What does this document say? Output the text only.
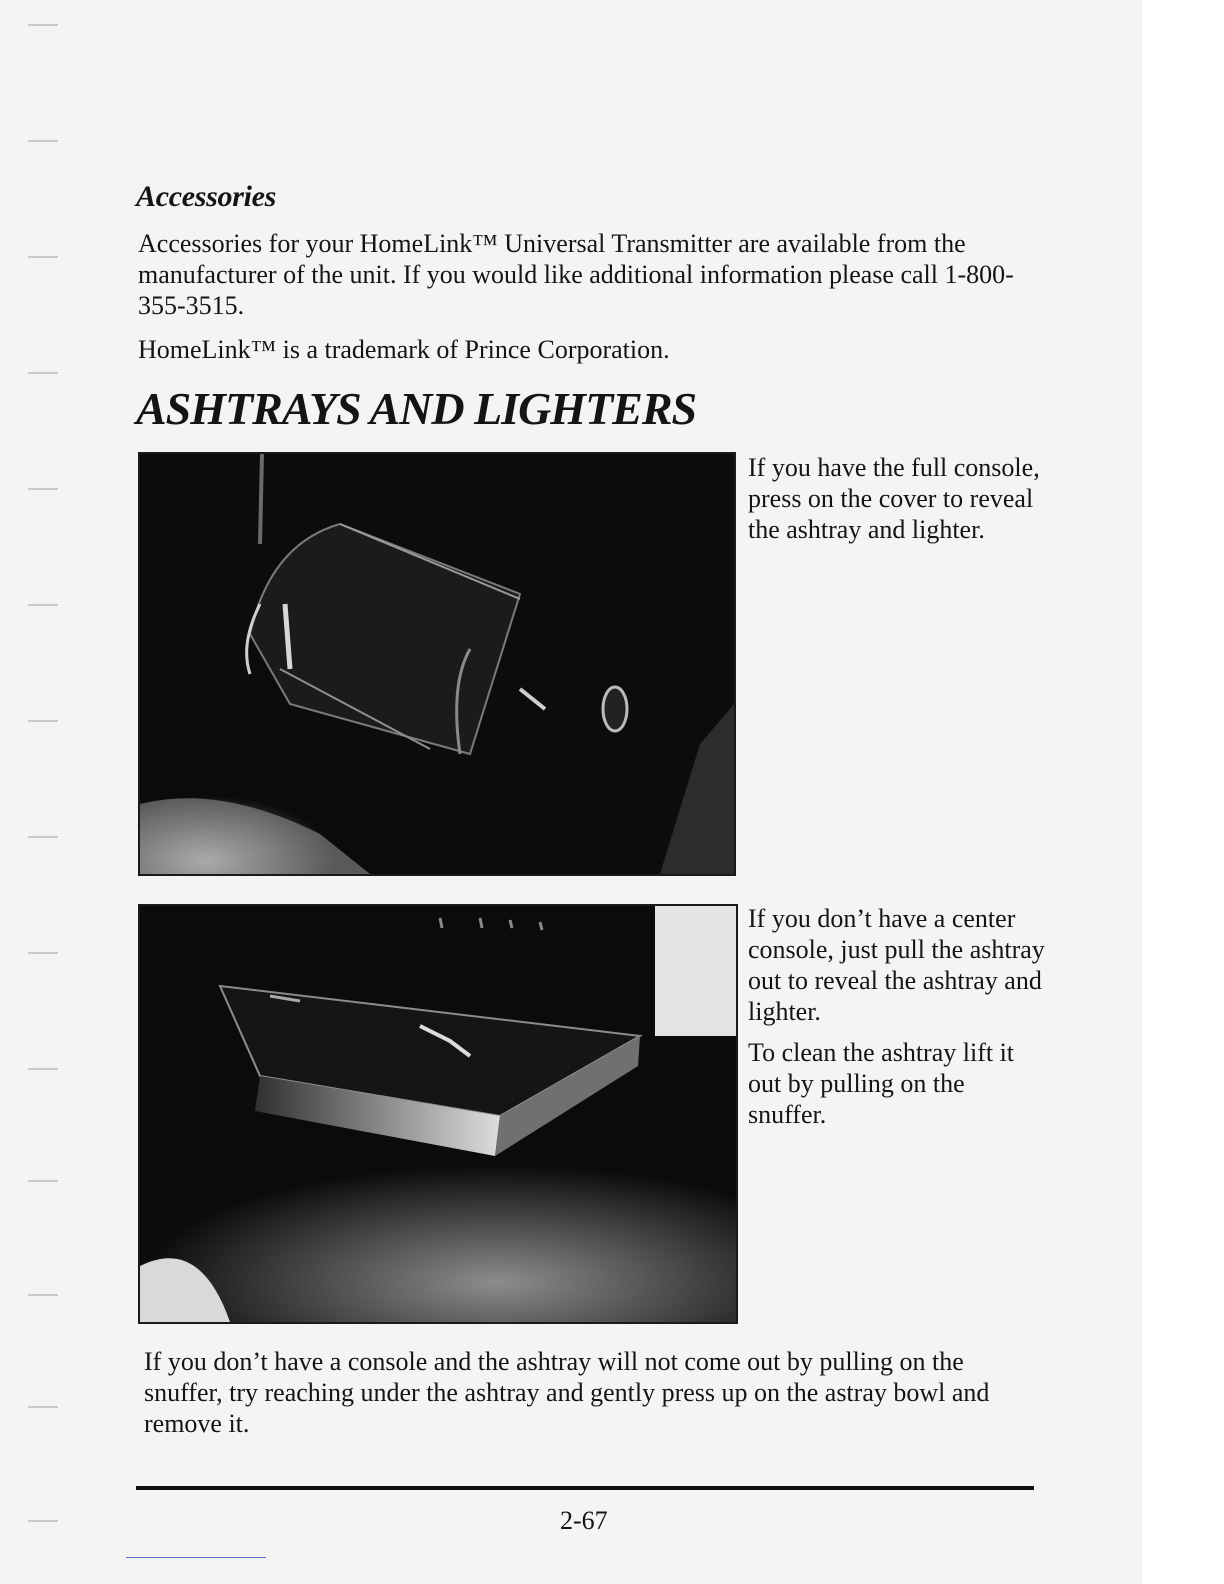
Accessories
Accessories for your HomeLink™ Universal Transmitter are available from the manufacturer of the unit. If you would like additional information please call 1-800-355-3515.
HomeLink™ is a trademark of Prince Corporation.
ASHTRAYS AND LIGHTERS

If you have the full console, press on the cover to reveal the ashtray and lighter.

If you don’t have a center console, just pull the ashtray out to reveal the ashtray and lighter.

To clean the ashtray lift it out by pulling on the snuffer.

If you don’t have a console and the ashtray will not come out by pulling on the snuffer, try reaching under the ashtray and gently press up on the astray bowl and remove it.
2-67
